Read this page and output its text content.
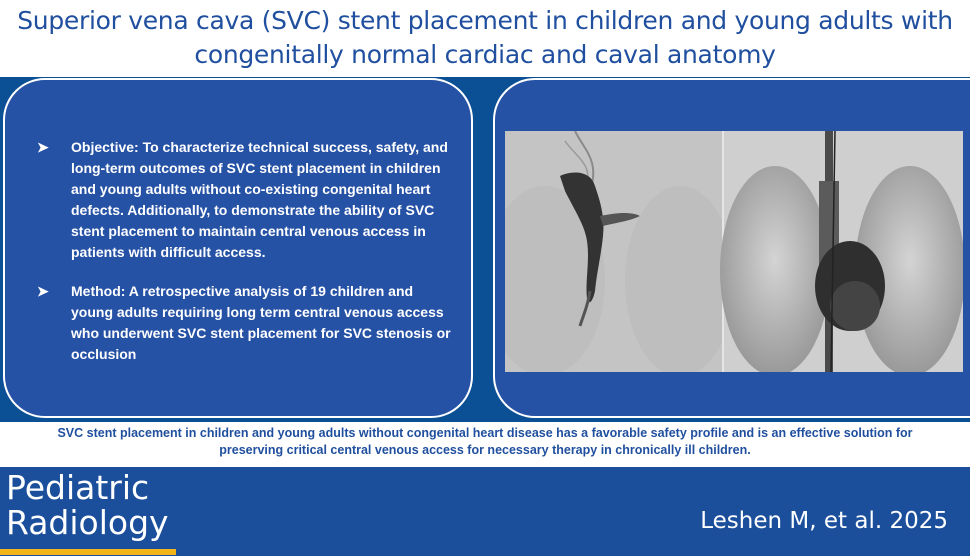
Superior vena cava (SVC) stent placement in children and young adults with
congenitally normal cardiac and caval anatomy
➤ Objective: To characterize technical success, safety, and long-term outcomes of SVC stent placement in children and young adults without co-existing congenital heart defects. Additionally, to demonstrate the ability of SVC stent placement to maintain central venous access in patients with difficult access.
➤ Method: A retrospective analysis of 19 children and young adults requiring long term central venous access who underwent SVC stent placement for SVC stenosis or occlusion
SVC stent placement in children and young adults without congenital heart disease has a favorable safety profile and is an effective solution for
preserving critical central venous access for necessary therapy in chronically ill children.
Pediatric
Radiology	Leshen M, et al. 2025
